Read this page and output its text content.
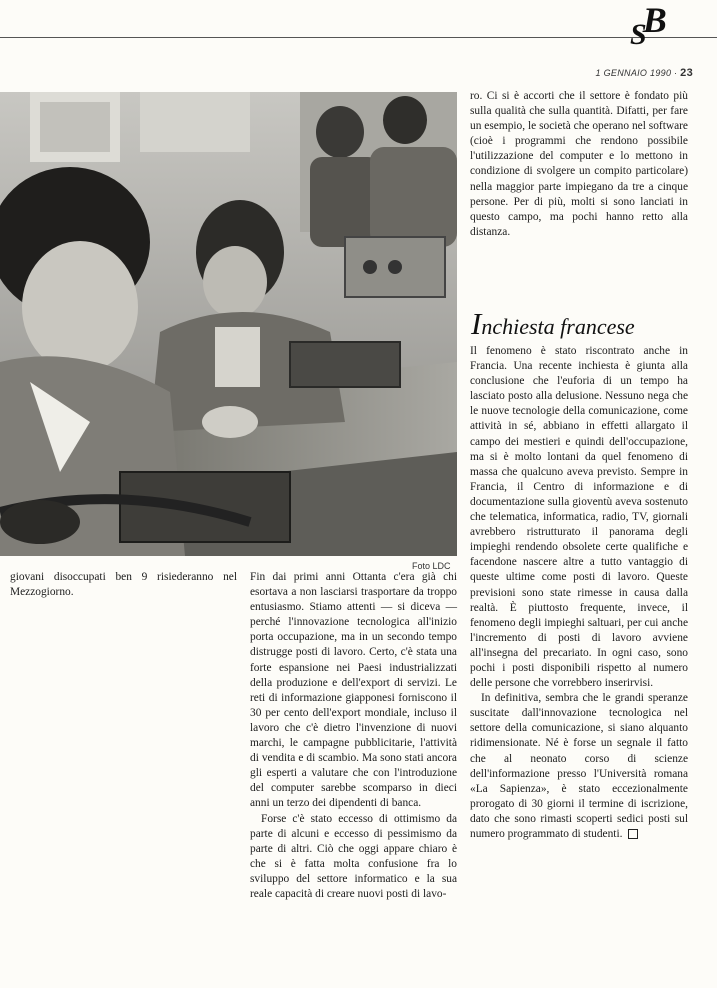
SB
1 GENNAIO 1990 · 23
Foto LDC

giovani disoccupati ben 9 risiederanno nel Mezzogiorno.

Fin dai primi anni Ottanta c'era già chi esortava a non lasciarsi trasportare da troppo entusiasmo. Stiamo attenti — si diceva — perché l'innovazione tecnologica all'inizio porta occupazione, ma in un secondo tempo distrugge posti di lavoro. Certo, c'è stata una forte espansione nei Paesi industrializzati della produzione e dell'export di servizi. Le reti di informazione giapponesi forniscono il 30 per cento dell'export mondiale, incluso il lavoro che c'è dietro l'invenzione di nuovi marchi, le campagne pubblicitarie, l'attività di vendita e di scambio. Ma sono stati ancora gli esperti a valutare che con l'introduzione del computer sarebbe scomparso in dieci anni un terzo dei dipendenti di banca.

Forse c'è stato eccesso di ottimismo da parte di alcuni e eccesso di pessimismo da parte di altri. Ciò che oggi appare chiaro è che si è fatta molta confusione fra lo sviluppo del settore informatico e la sua reale capacità di creare nuovi posti di lavo-

ro. Ci si è accorti che il settore è fondato più sulla qualità che sulla quantità. Difatti, per fare un esempio, le società che operano nel software (cioè i programmi che rendono possibile l'utilizzazione del computer e lo mettono in condizione di svolgere un compito particolare) nella maggior parte impiegano da tre a cinque persone. Per di più, molti si sono lanciati in questo campo, ma pochi hanno retto alla distanza.

Inchiesta francese

Il fenomeno è stato riscontrato anche in Francia. Una recente inchiesta è giunta alla conclusione che l'euforia di un tempo ha lasciato posto alla delusione. Nessuno nega che le nuove tecnologie della comunicazione, come attività in sé, abbiano in effetti allargato il campo dei mestieri e quindi dell'occupazione, ma si è molto lontani da quel fenomeno di massa che qualcuno aveva previsto. Sempre in Francia, il Centro di informazione e di documentazione sulla gioventù aveva sostenuto che telematica, informatica, radio, TV, giornali avrebbero ristrutturato il panorama degli impieghi rendendo obsolete certe qualifiche e facendone nascere altre a tutto vantaggio di queste ultime come posti di lavoro. Queste previsioni sono state rimesse in causa dalla realtà. È piuttosto frequente, invece, il fenomeno degli impieghi saltuari, per cui anche l'incremento di posti di lavoro avviene all'insegna del precariato. In ogni caso, sono pochi i posti disponibili rispetto al numero delle persone che vorrebbero inserirvisi.

In definitiva, sembra che le grandi speranze suscitate dall'innovazione tecnologica nel settore della comunicazione, si siano alquanto ridimensionate. Né è forse un segnale il fatto che al neonato corso di scienze dell'informazione presso l'Università romana «La Sapienza», è stato eccezionalmente prorogato di 30 giorni il termine di iscrizione, dato che sono rimasti scoperti sedici posti sul numero programmato di studenti.
